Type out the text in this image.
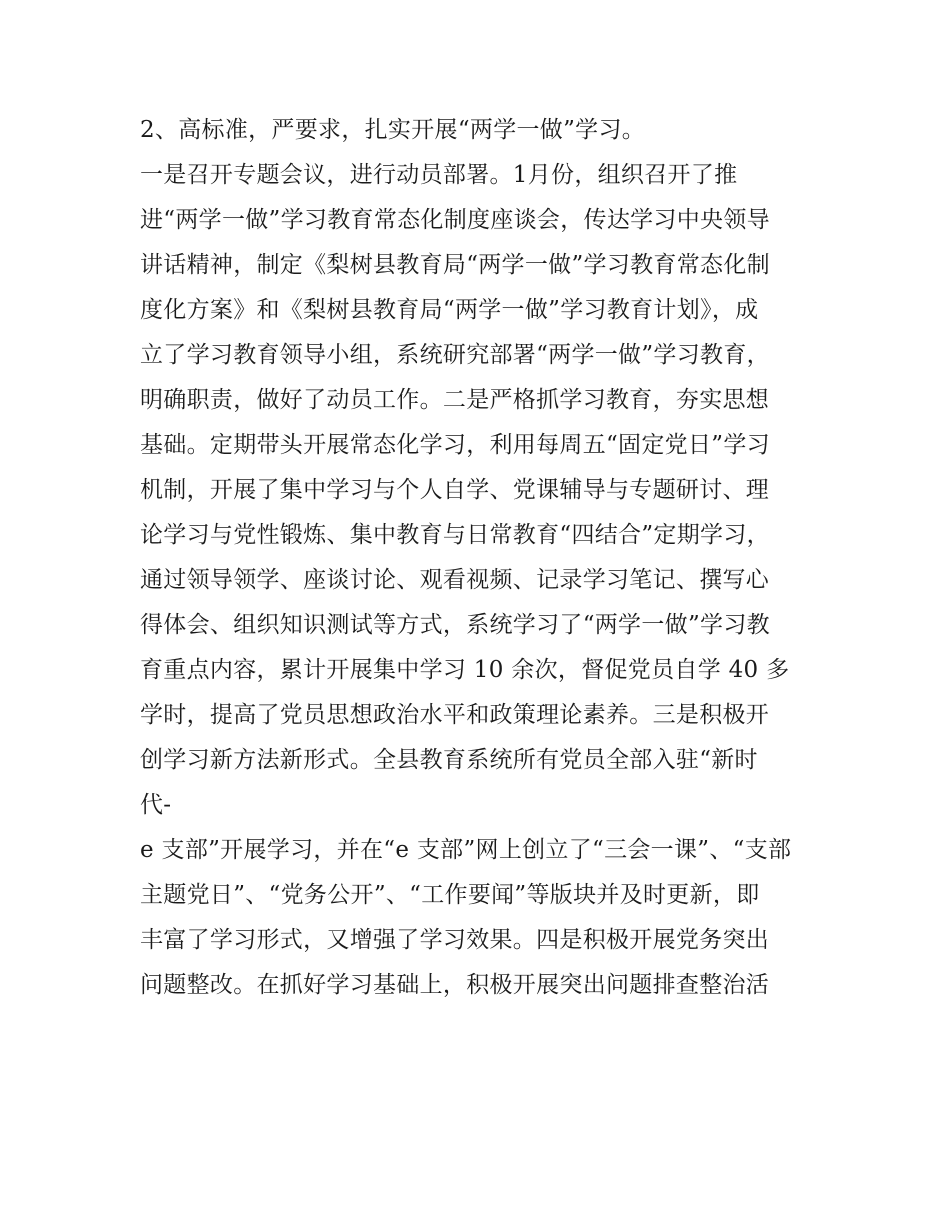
2、高标准，严要求，扎实开展“两学一做”学习。
一是召开专题会议，进行动员部署。1月份，组织召开了推
进“两学一做”学习教育常态化制度座谈会，传达学习中央领导
讲话精神，制定《梨树县教育局“两学一做”学习教育常态化制
度化方案》和《梨树县教育局“两学一做”学习教育计划》，成
立了学习教育领导小组，系统研究部署“两学一做”学习教育，
明确职责，做好了动员工作。二是严格抓学习教育，夯实思想
基础。定期带头开展常态化学习，利用每周五“固定党日”学习
机制，开展了集中学习与个人自学、党课辅导与专题研讨、理
论学习与党性锻炼、集中教育与日常教育“四结合”定期学习，
通过领导领学、座谈讨论、观看视频、记录学习笔记、撰写心
得体会、组织知识测试等方式，系统学习了“两学一做”学习教
育重点内容，累计开展集中学习 10 余次，督促党员自学 40 多
学时，提高了党员思想政治水平和政策理论素养。三是积极开
创学习新方法新形式。全县教育系统所有党员全部入驻“新时
代-
e 支部”开展学习，并在“e 支部”网上创立了“三会一课”、“支部
主题党日”、“党务公开”、“工作要闻”等版块并及时更新，即
丰富了学习形式，又增强了学习效果。四是积极开展党务突出
问题整改。在抓好学习基础上，积极开展突出问题排查整治活
